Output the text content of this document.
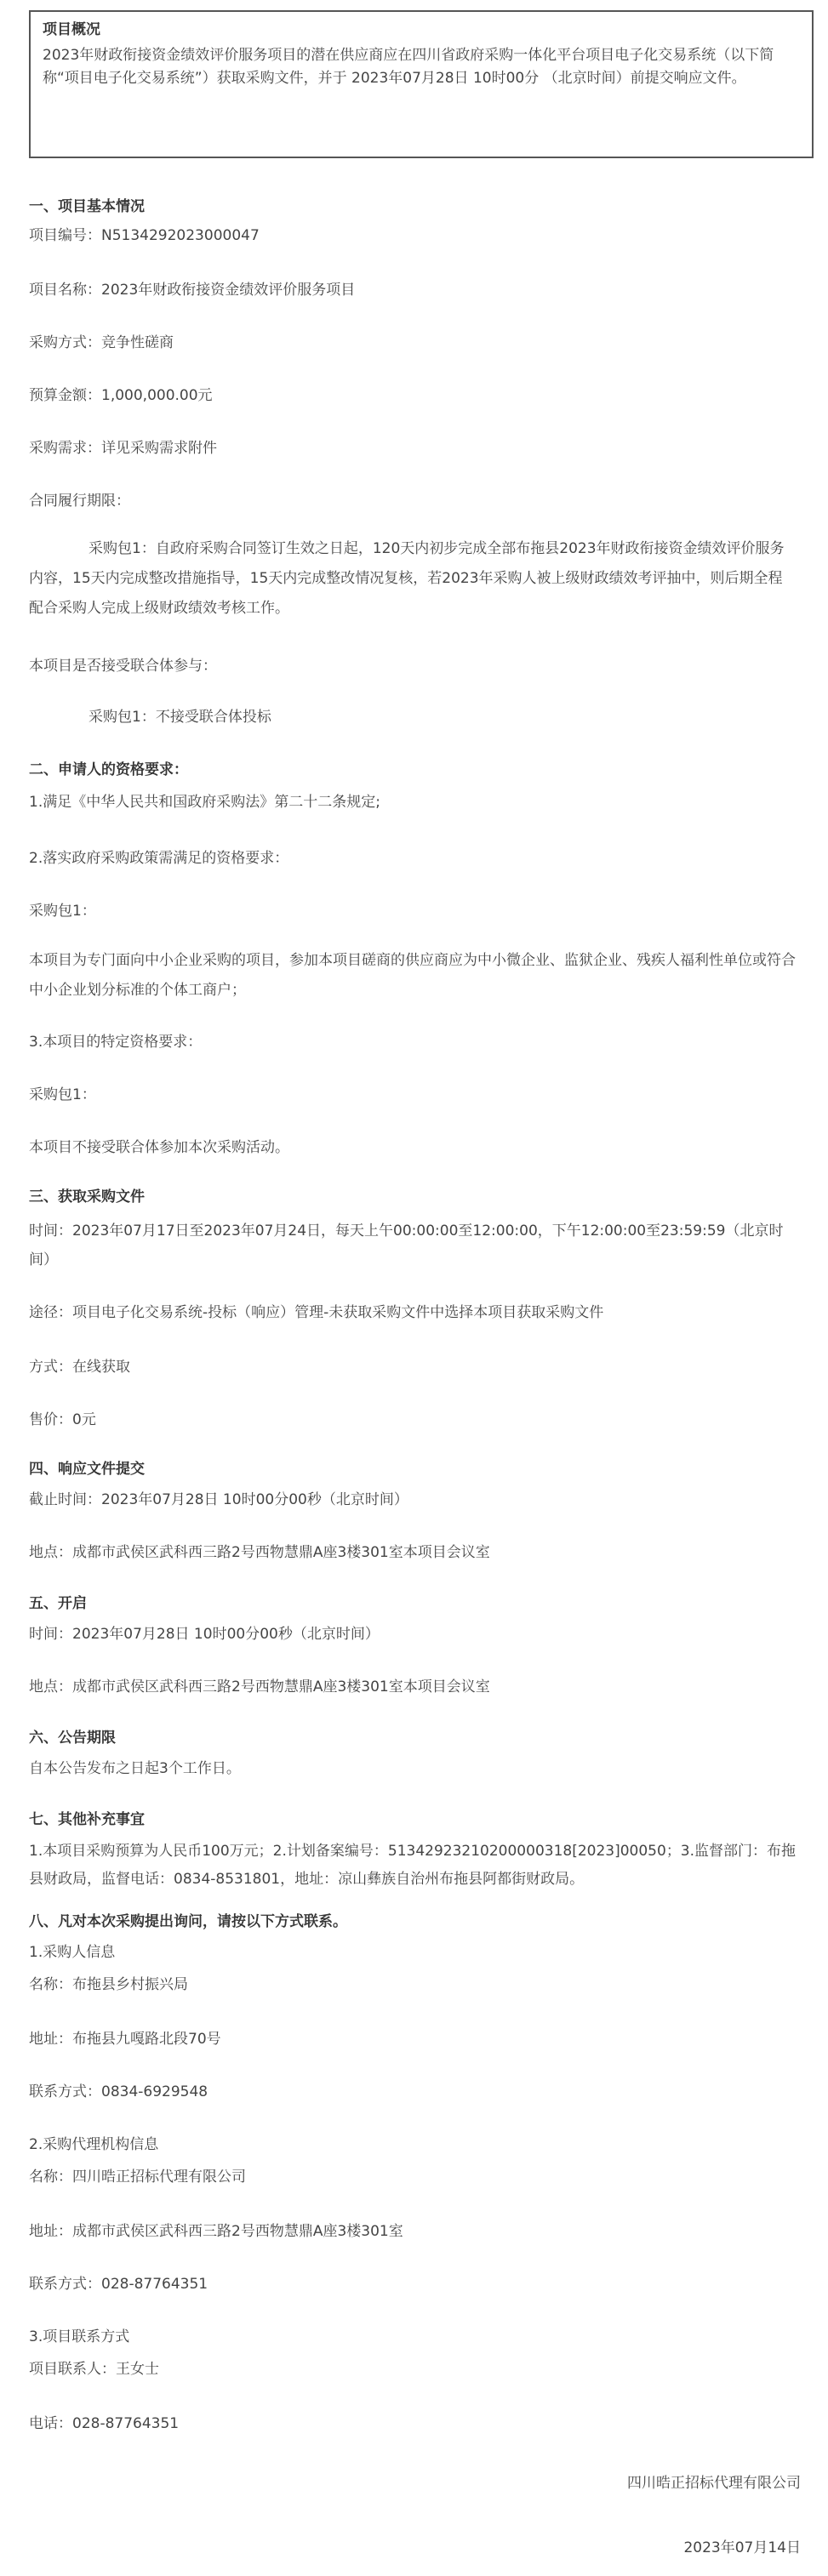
项目概况
2023年财政衔接资金绩效评价服务项目的潜在供应商应在四川省政府采购一体化平台项目电子化交易系统（以下简称“项目电子化交易系统”）获取采购文件，并于 2023年07月28日 10时00分 （北京时间）前提交响应文件。
一、项目基本情况
项目编号：N5134292023000047
项目名称：2023年财政衔接资金绩效评价服务项目
采购方式：竞争性磋商
预算金额：1,000,000.00元
采购需求：详见采购需求附件
合同履行期限：
采购包1：自政府采购合同签订生效之日起，120天内初步完成全部布拖县2023年财政衔接资金绩效评价服务内容，15天内完成整改措施指导，15天内完成整改情况复核，若2023年采购人被上级财政绩效考评抽中，则后期全程配合采购人完成上级财政绩效考核工作。
本项目是否接受联合体参与：
采购包1：不接受联合体投标
二、申请人的资格要求：
1.满足《中华人民共和国政府采购法》第二十二条规定;
2.落实政府采购政策需满足的资格要求：
采购包1：
本项目为专门面向中小企业采购的项目，参加本项目磋商的供应商应为中小微企业、监狱企业、残疾人福利性单位或符合中小企业划分标准的个体工商户；
3.本项目的特定资格要求：
采购包1：
本项目不接受联合体参加本次采购活动。
三、获取采购文件
时间：2023年07月17日至2023年07月24日，每天上午00:00:00至12:00:00，下午12:00:00至23:59:59（北京时间）
途径：项目电子化交易系统-投标（响应）管理-未获取采购文件中选择本项目获取采购文件
方式：在线获取
售价：0元
四、响应文件提交
截止时间：2023年07月28日 10时00分00秒（北京时间）
地点：成都市武侯区武科西三路2号西物慧鼎A座3楼301室本项目会议室
五、开启
时间：2023年07月28日 10时00分00秒（北京时间）
地点：成都市武侯区武科西三路2号西物慧鼎A座3楼301室本项目会议室
六、公告期限
自本公告发布之日起3个工作日。
七、其他补充事宜
1.本项目采购预算为人民币100万元；2.计划备案编号：51342923210200000318[2023]00050；3.监督部门：布拖县财政局，监督电话：0834-8531801，地址：凉山彝族自治州布拖县阿都街财政局。
八、凡对本次采购提出询问，请按以下方式联系。
1.采购人信息
名称：布拖县乡村振兴局
地址：布拖县九嘎路北段70号
联系方式：0834-6929548
2.采购代理机构信息
名称：四川晧正招标代理有限公司
地址：成都市武侯区武科西三路2号西物慧鼎A座3楼301室
联系方式：028-87764351
3.项目联系方式
项目联系人：王女士
电话：028-87764351
四川晧正招标代理有限公司
2023年07月14日
